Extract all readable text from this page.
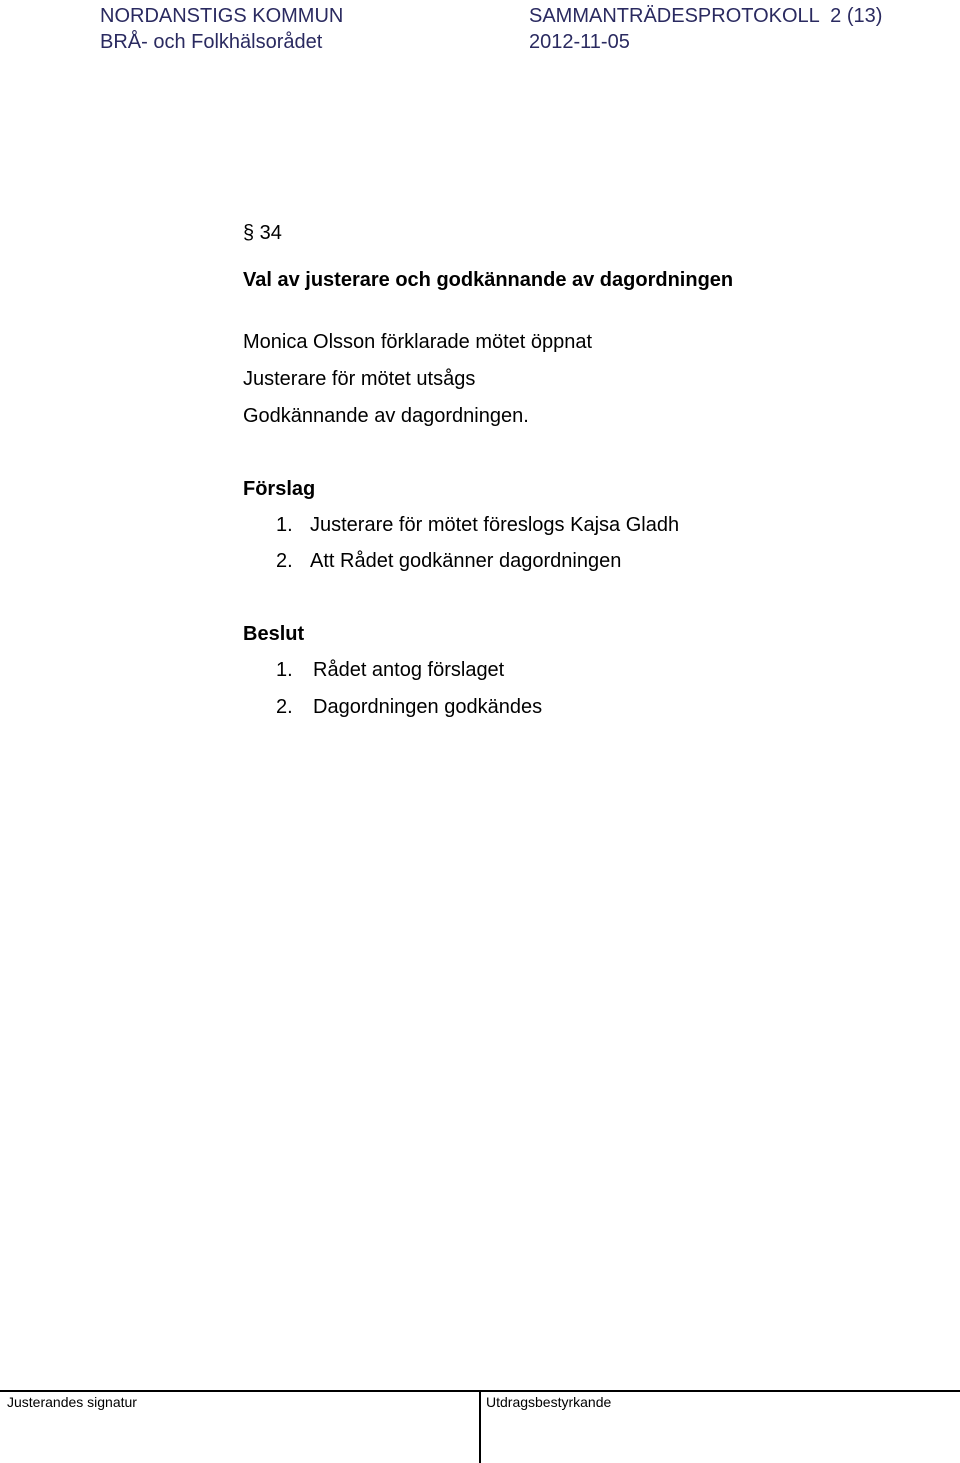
NORDANSTIGS KOMMUN	SAMMANTRÄDESPROTOKOLL  2 (13)
BRÅ- och Folkhälsorådet	2012-11-05
§ 34
Val av justerare och godkännande av dagordningen
Monica Olsson förklarade mötet öppnat
Justerare för mötet utsågs
Godkännande av dagordningen.
Förslag
1. Justerare för mötet föreslogs Kajsa Gladh
2. Att Rådet godkänner dagordningen
Beslut
1. Rådet antog förslaget
2. Dagordningen godkändes
Justerandes signatur	Utdragsbestyrkande
